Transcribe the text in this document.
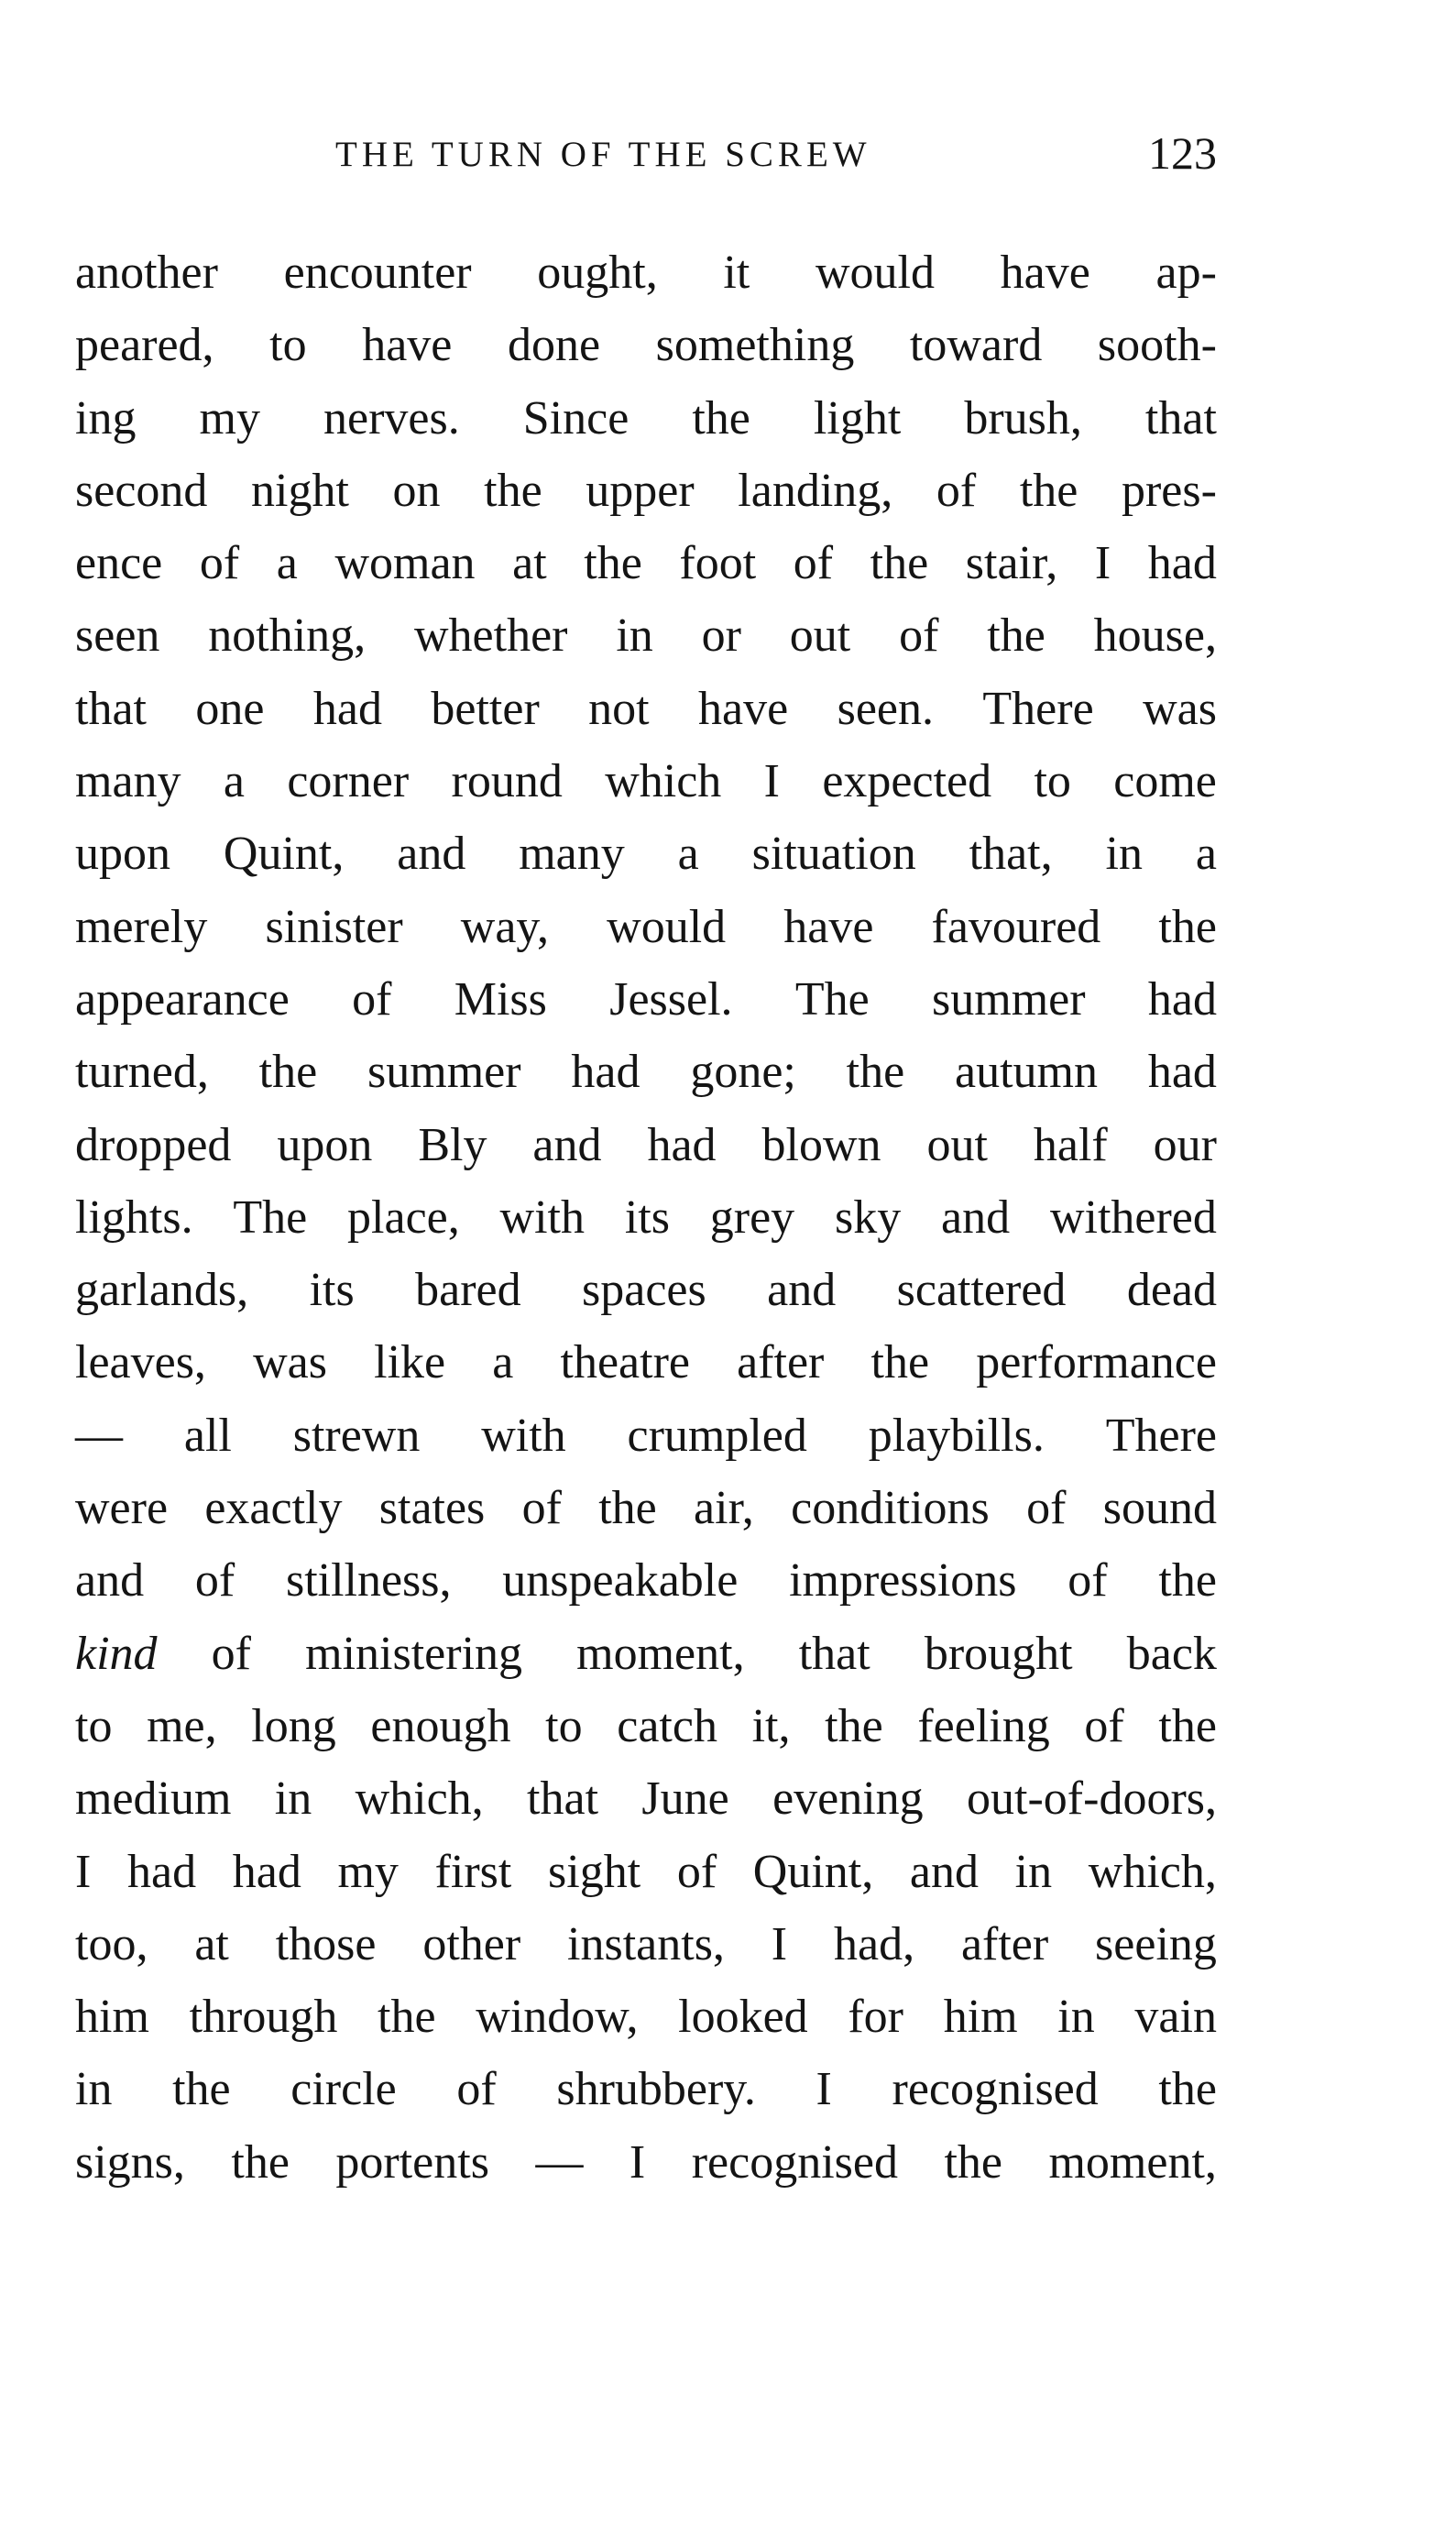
THE TURN OF THE SCREW	123
another encounter ought, it would have ap-
peared, to have done something toward sooth-
ing my nerves. Since the light brush, that
second night on the upper landing, of the pres-
ence of a woman at the foot of the stair, I had
seen nothing, whether in or out of the house,
that one had better not have seen. There was
many a corner round which I expected to come
upon Quint, and many a situation that, in a
merely sinister way, would have favoured the
appearance of Miss Jessel. The summer had
turned, the summer had gone; the autumn had
dropped upon Bly and had blown out half our
lights. The place, with its grey sky and withered
garlands, its bared spaces and scattered dead
leaves, was like a theatre after the performance
— all strewn with crumpled playbills. There
were exactly states of the air, conditions of sound
and of stillness, unspeakable impressions of the
kind of ministering moment, that brought back
to me, long enough to catch it, the feeling of the
medium in which, that June evening out-of-doors,
I had had my first sight of Quint, and in which,
too, at those other instants, I had, after seeing
him through the window, looked for him in vain
in the circle of shrubbery. I recognised the
signs, the portents — I recognised the moment,
